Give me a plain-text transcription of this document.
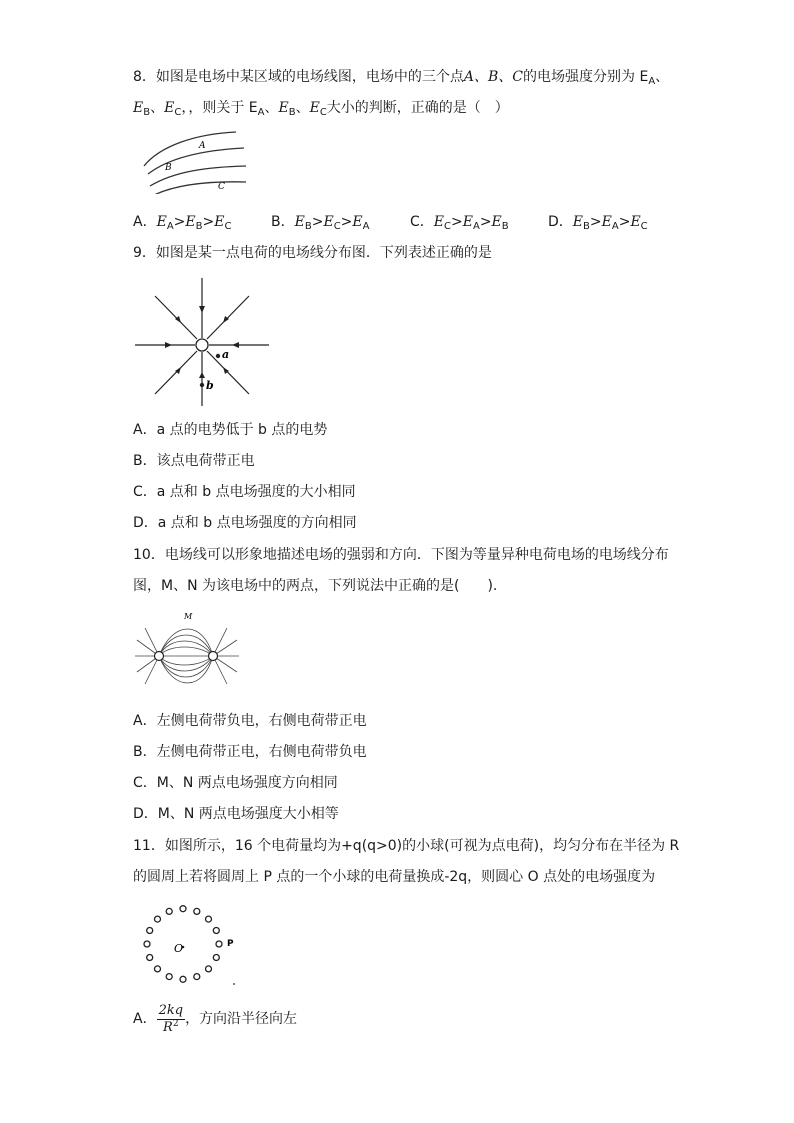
8．如图是电场中某区域的电场线图，电场中的三个点A、B、C的电场强度分别为 $E_A$、
$E_B$、$E_C$，，则关于 $E_A$、$E_B$、$E_C$大小的判断，正确的是（　）
A
B
C
A．$E_A>E_B>E_C$	B．$E_B>E_C>E_A$	C．$E_C>E_A>E_B$	D．$E_B>E_A>E_C$
9．如图是某一点电荷的电场线分布图．下列表述正确的是
a
b
A．a 点的电势低于 b 点的电势
B．该点电荷带正电
C．a 点和 b 点电场强度的大小相同
D．a 点和 b 点电场强度的方向相同
10．电场线可以形象地描述电场的强弱和方向．下图为等量异种电荷电场的电场线分布
图，M、N 为该电场中的两点，下列说法中正确的是(　　).
M
A．左侧电荷带负电，右侧电荷带正电
B．左侧电荷带正电，右侧电荷带负电
C．M、N 两点电场强度方向相同
D．M、N 两点电场强度大小相等
11．如图所示，16 个电荷量均为+q(q>0)的小球(可视为点电荷)，均匀分布在半径为 R
的圆周上若将圆周上 P 点的一个小球的电荷量换成-2q，则圆心 O 点处的电场强度为
O	P
A． $\frac{2kq}{R^2}$ ，方向沿半径向左
